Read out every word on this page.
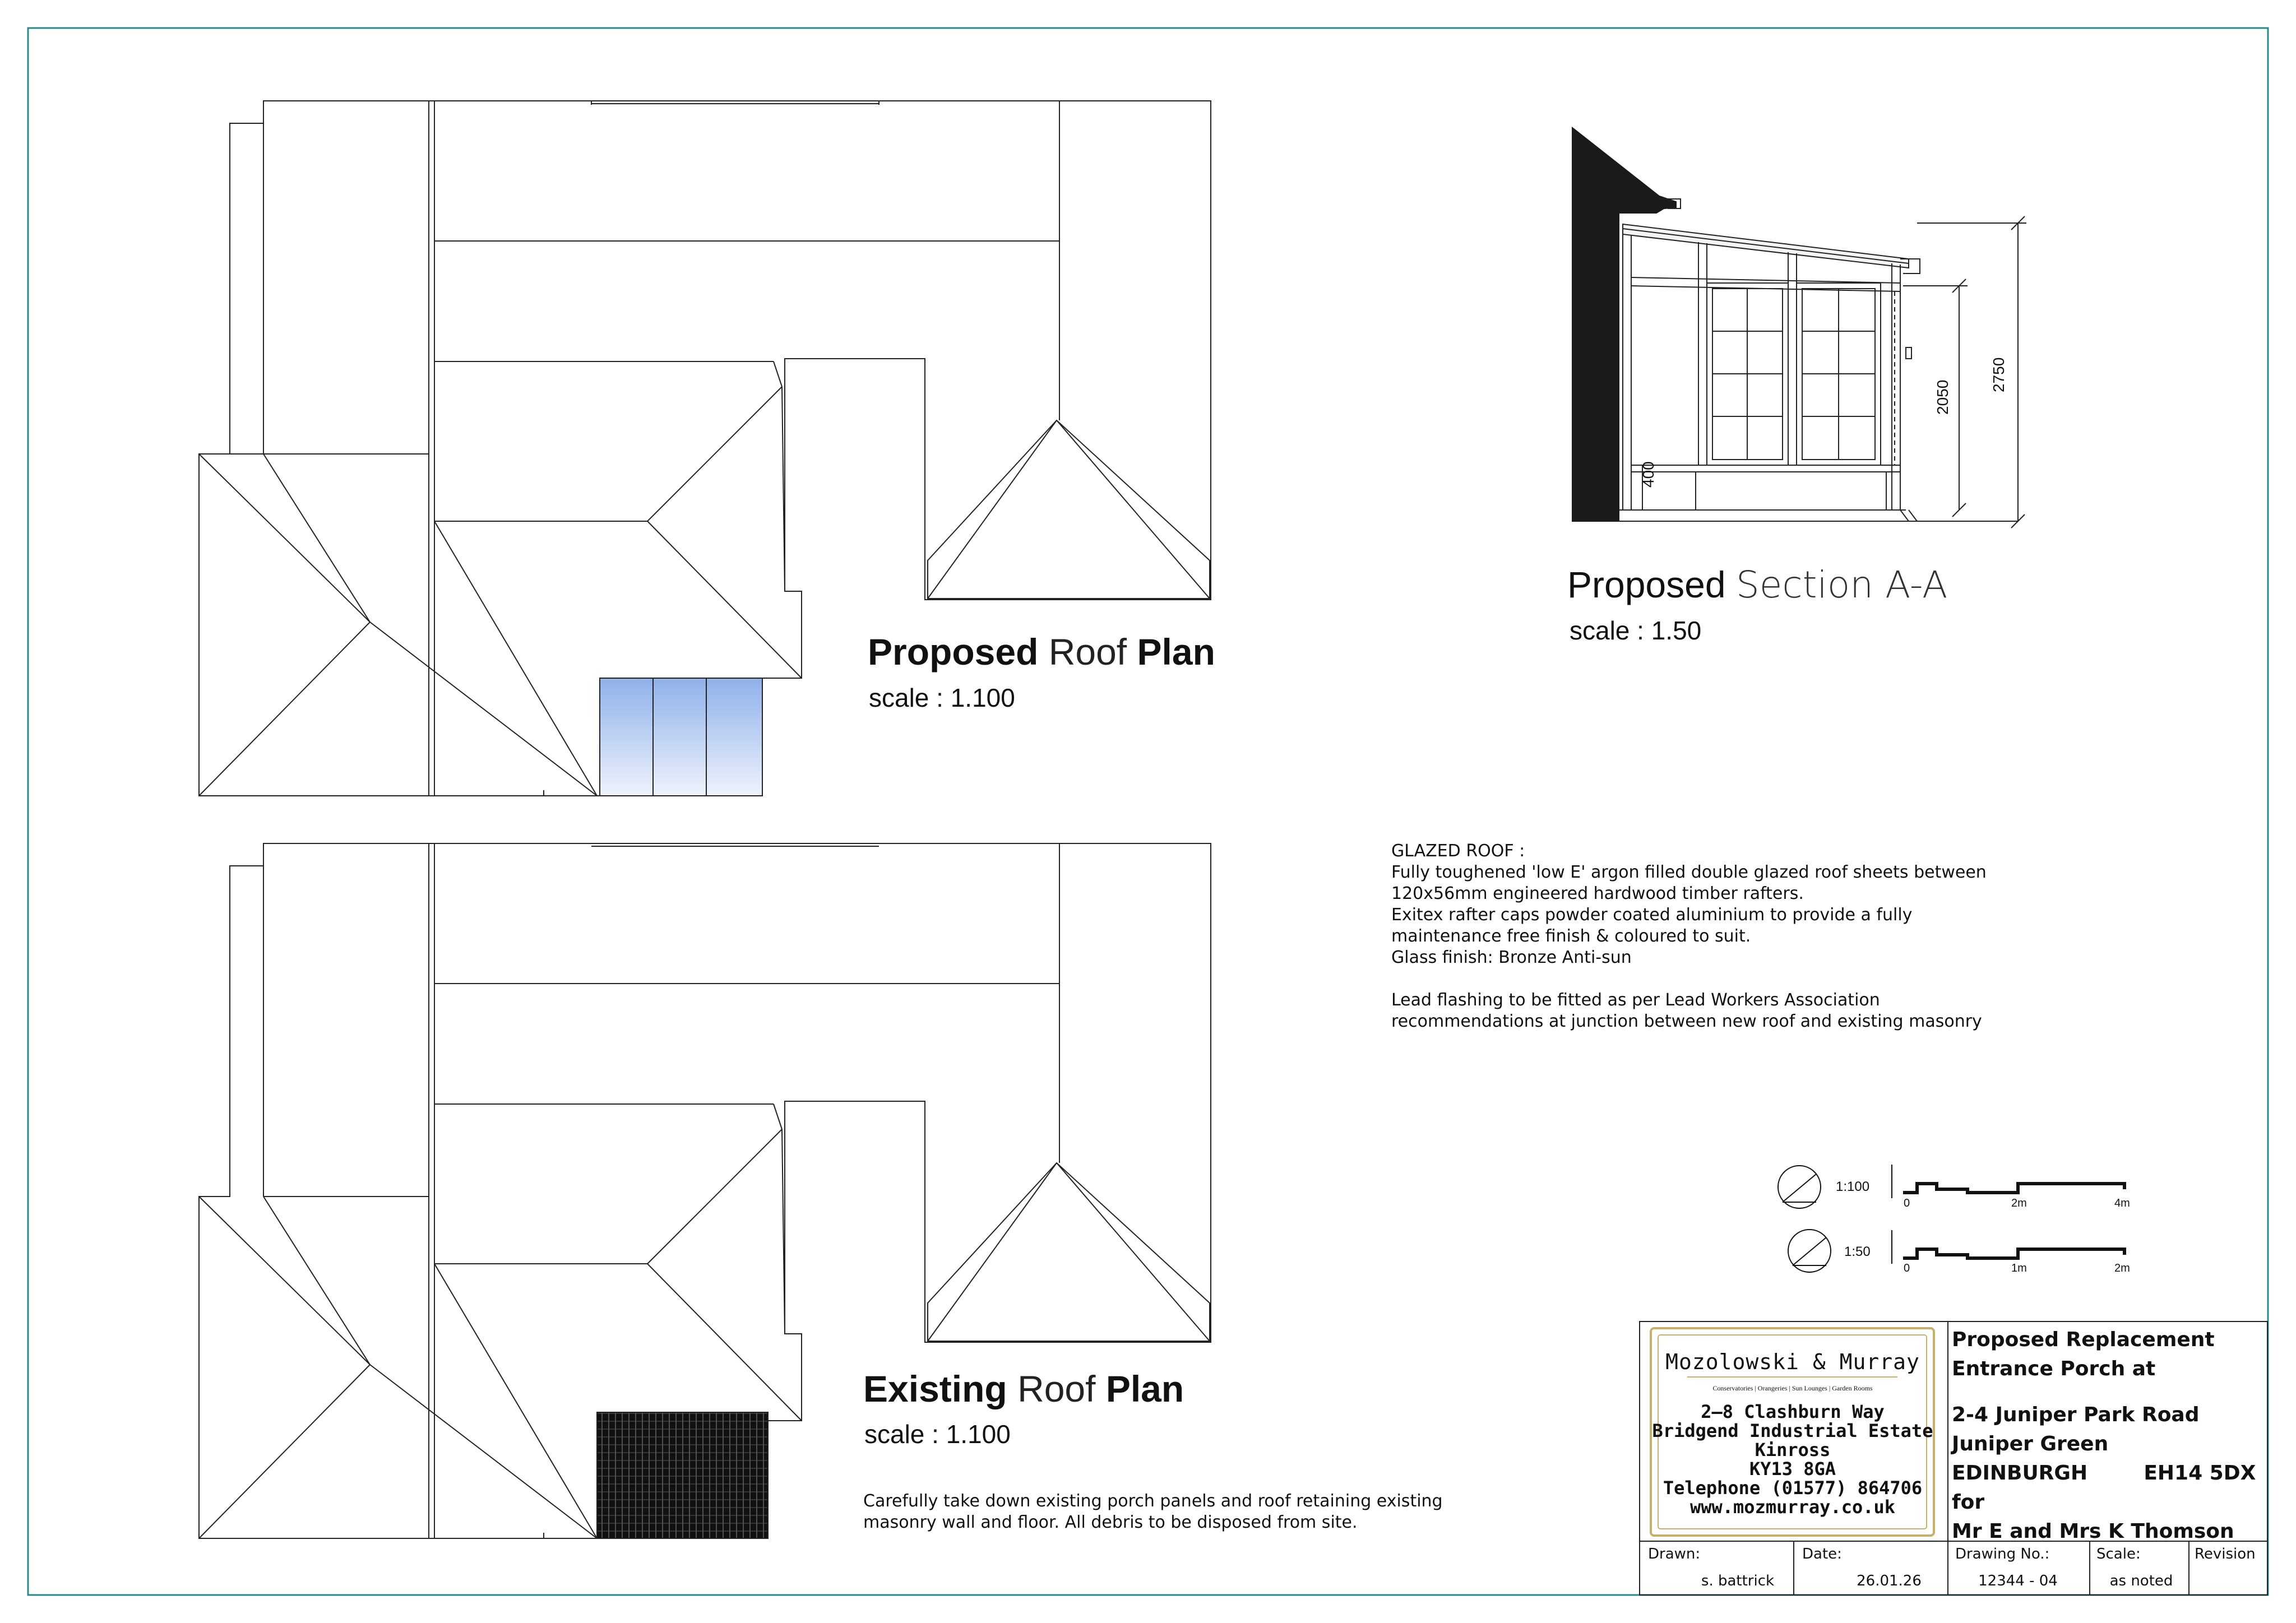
Proposed Roof Plan
scale : 1.100
Existing Roof Plan
scale : 1.100
Carefully take down existing porch panels and roof retaining existing
masonry wall and floor. All debris to be disposed from site.
Proposed Section A-A
scale : 1.50
400
2050
2750
GLAZED ROOF :
Fully toughened 'low E' argon filled double glazed roof sheets between
120x56mm engineered hardwood timber rafters.
Exitex rafter caps powder coated aluminium to provide a fully
maintenance free finish & coloured to suit.
Glass finish: Bronze Anti-sun

Lead flashing to be fitted as per Lead Workers Association
recommendations at junction between new roof and existing masonry
1:100
0	2m	4m
1:50
0	1m	2m
Mozolowski & Murray
Conservatories | Orangeries | Sun Lounges | Garden Rooms
2—8 Clashburn Way
Bridgend Industrial Estate
Kinross
KY13 8GA
Telephone (01577) 864706
www.mozmurray.co.uk
Proposed Replacement
Entrance Porch at
2-4 Juniper Park Road
Juniper Green
EDINBURGH        EH14 5DX
for
Mr E and Mrs K Thomson
Drawn:
s. battrick
Date:
26.01.26
Drawing No.:
12344 - 04
Scale:
as noted
Revision
